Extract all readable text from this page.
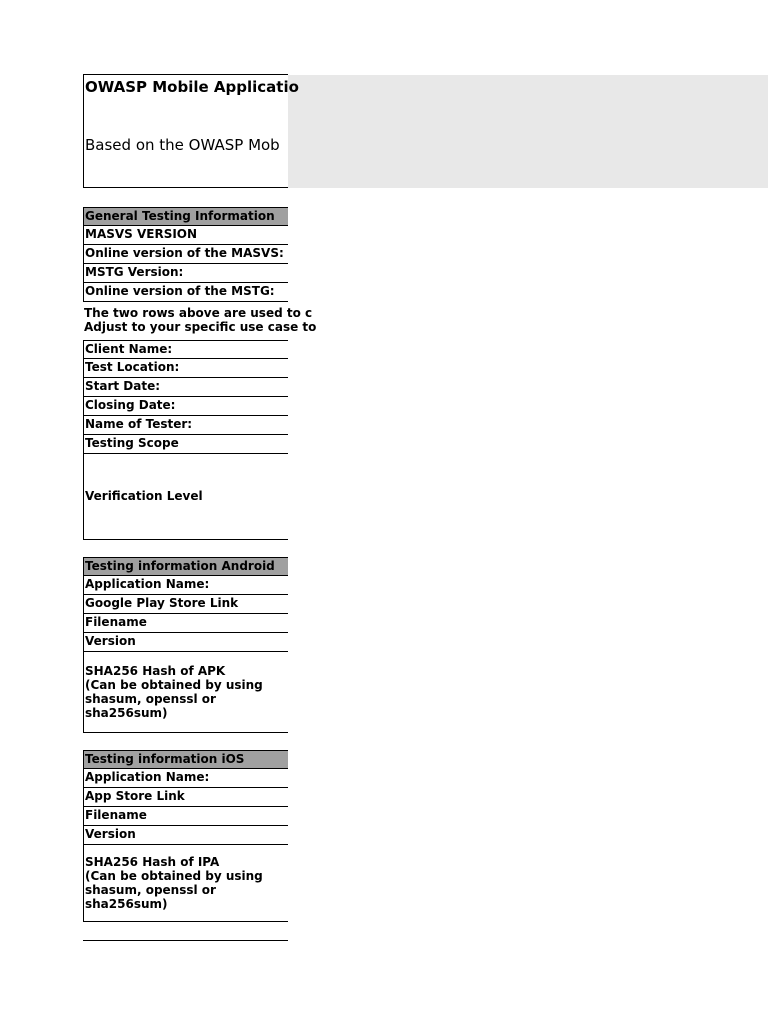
OWASP Mobile Applicatio
Based on the OWASP Mob
General Testing Information
MASVS VERSION
Online version of the MASVS:
MSTG Version:
Online version of the MSTG:
The two rows above are used to c
Adjust to your specific use case to
Client Name:
Test Location:
Start Date:
Closing Date:
Name of Tester:
Testing Scope
Verification Level
Testing information Android
Application Name:
Google Play Store Link
Filename
Version
SHA256 Hash of APK
(Can be obtained by using
shasum, openssl or sha256sum)
Testing information iOS
Application Name:
App Store Link
Filename
Version
SHA256 Hash of IPA
(Can be obtained by using
shasum, openssl or sha256sum)
